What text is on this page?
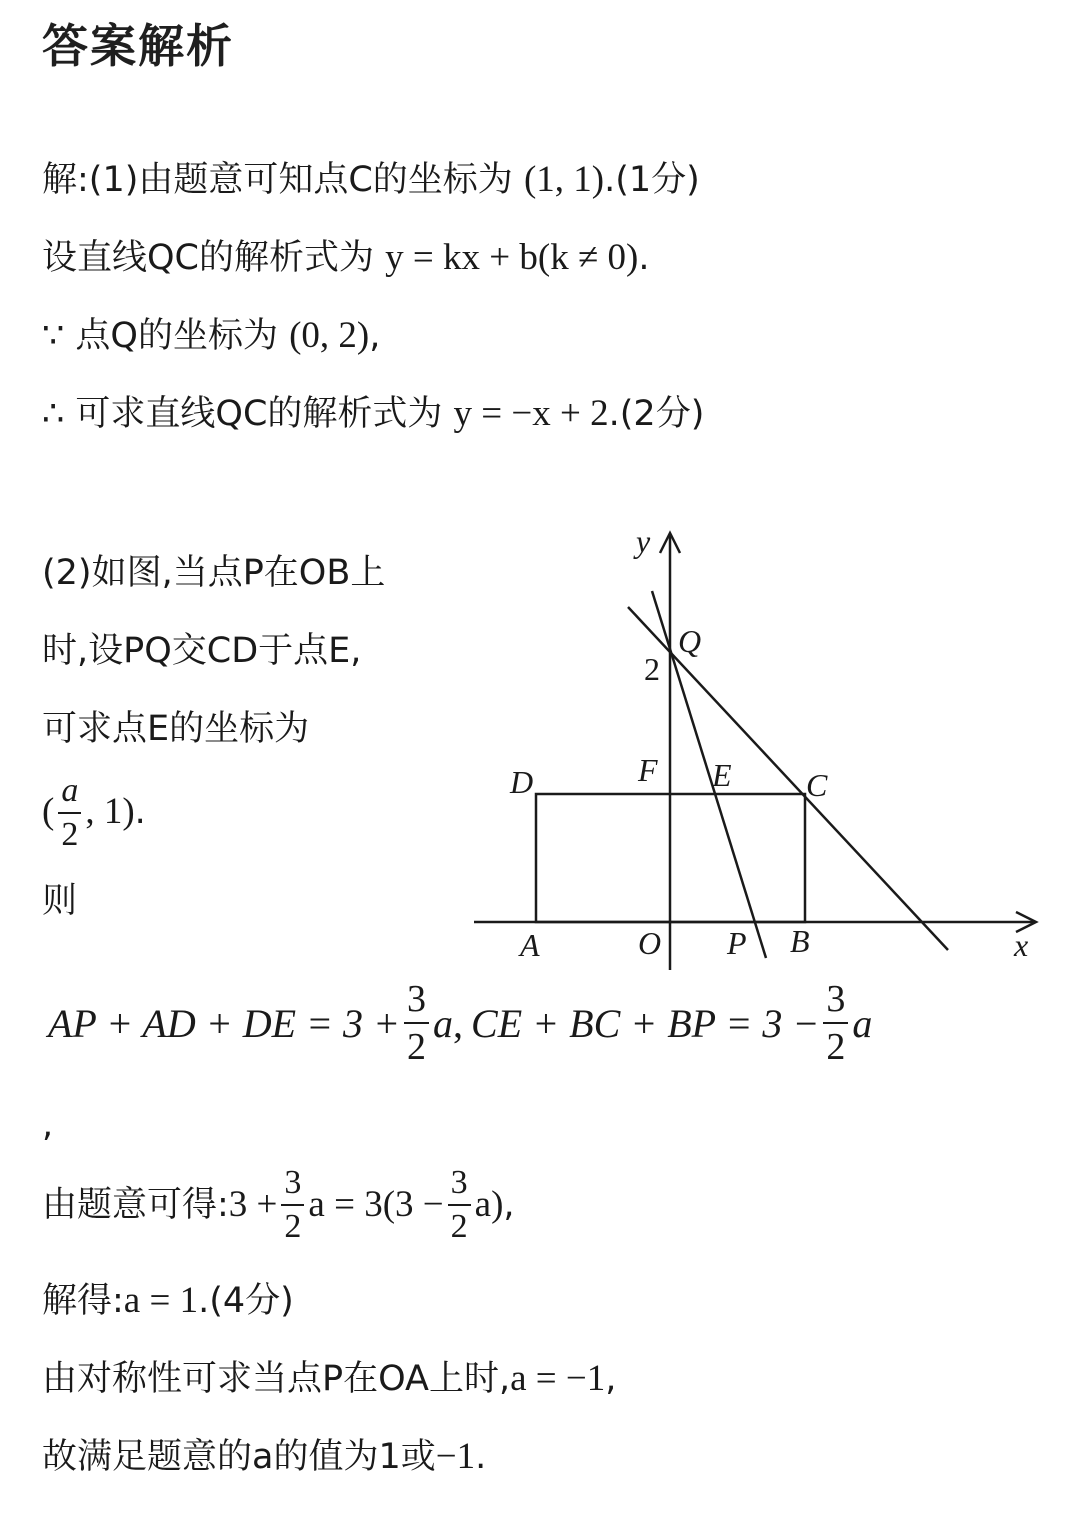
答案解析
解:(1)由题意可知点C的坐标为 (1, 1).(1分)
设直线QC的解析式为 y = kx + b(k ≠ 0).
∵ 点Q的坐标为 (0, 2),
∴ 可求直线QC的解析式为 y = −x + 2.(2分)
(2)如图,当点P在OB上
时,设PQ交CD于点E,
可求点E的坐标为
( $\frac{a}{2}$ , 1).
则
y
Q
2
D	F E C
A	O P B	x
AP + AD + DE = $3 + \frac{3}{2}$ a , CE + BC + BP = $3 - \frac{3}{2}$ a
,
由题意可得: $3 + \frac{3}{2}$ $a = 3(3 - \frac{3}{2} a)$ ,
解得:a = 1.(4分)
由对称性可求当点P在OA上时,a = −1,
故满足题意的a的值为1或−1.
